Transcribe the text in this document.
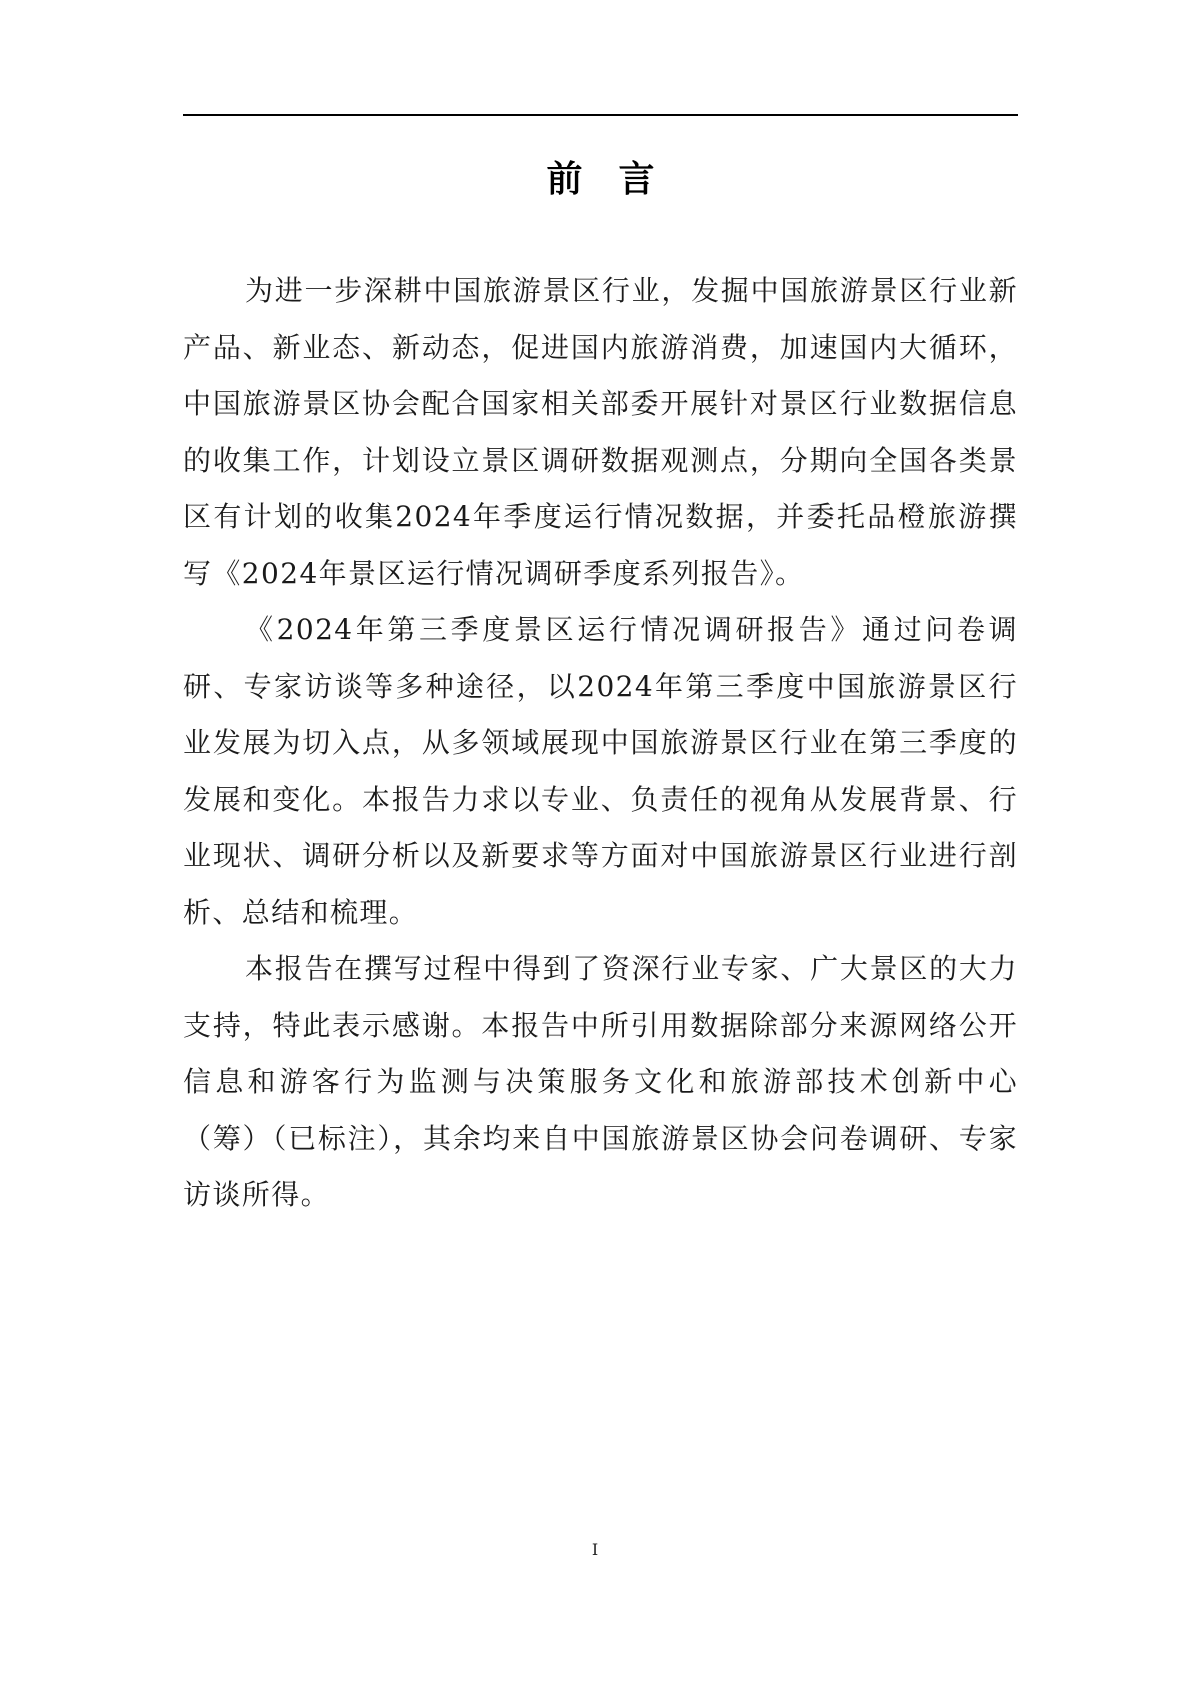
前言

为进一步深耕中国旅游景区行业，发掘中国旅游景区行业新产品、新业态、新动态，促进国内旅游消费，加速国内大循环，中国旅游景区协会配合国家相关部委开展针对景区行业数据信息的收集工作，计划设立景区调研数据观测点，分期向全国各类景区有计划的收集2024年季度运行情况数据，并委托品橙旅游撰写《2024年景区运行情况调研季度系列报告》。

《2024年第三季度景区运行情况调研报告》通过问卷调研、专家访谈等多种途径，以2024年第三季度中国旅游景区行业发展为切入点，从多领域展现中国旅游景区行业在第三季度的发展和变化。本报告力求以专业、负责任的视角从发展背景、行业现状、调研分析以及新要求等方面对中国旅游景区行业进行剖析、总结和梳理。

本报告在撰写过程中得到了资深行业专家、广大景区的大力支持，特此表示感谢。本报告中所引用数据除部分来源网络公开信息和游客行为监测与决策服务文化和旅游部技术创新中心（筹）（已标注），其余均来自中国旅游景区协会问卷调研、专家访谈所得。

I
